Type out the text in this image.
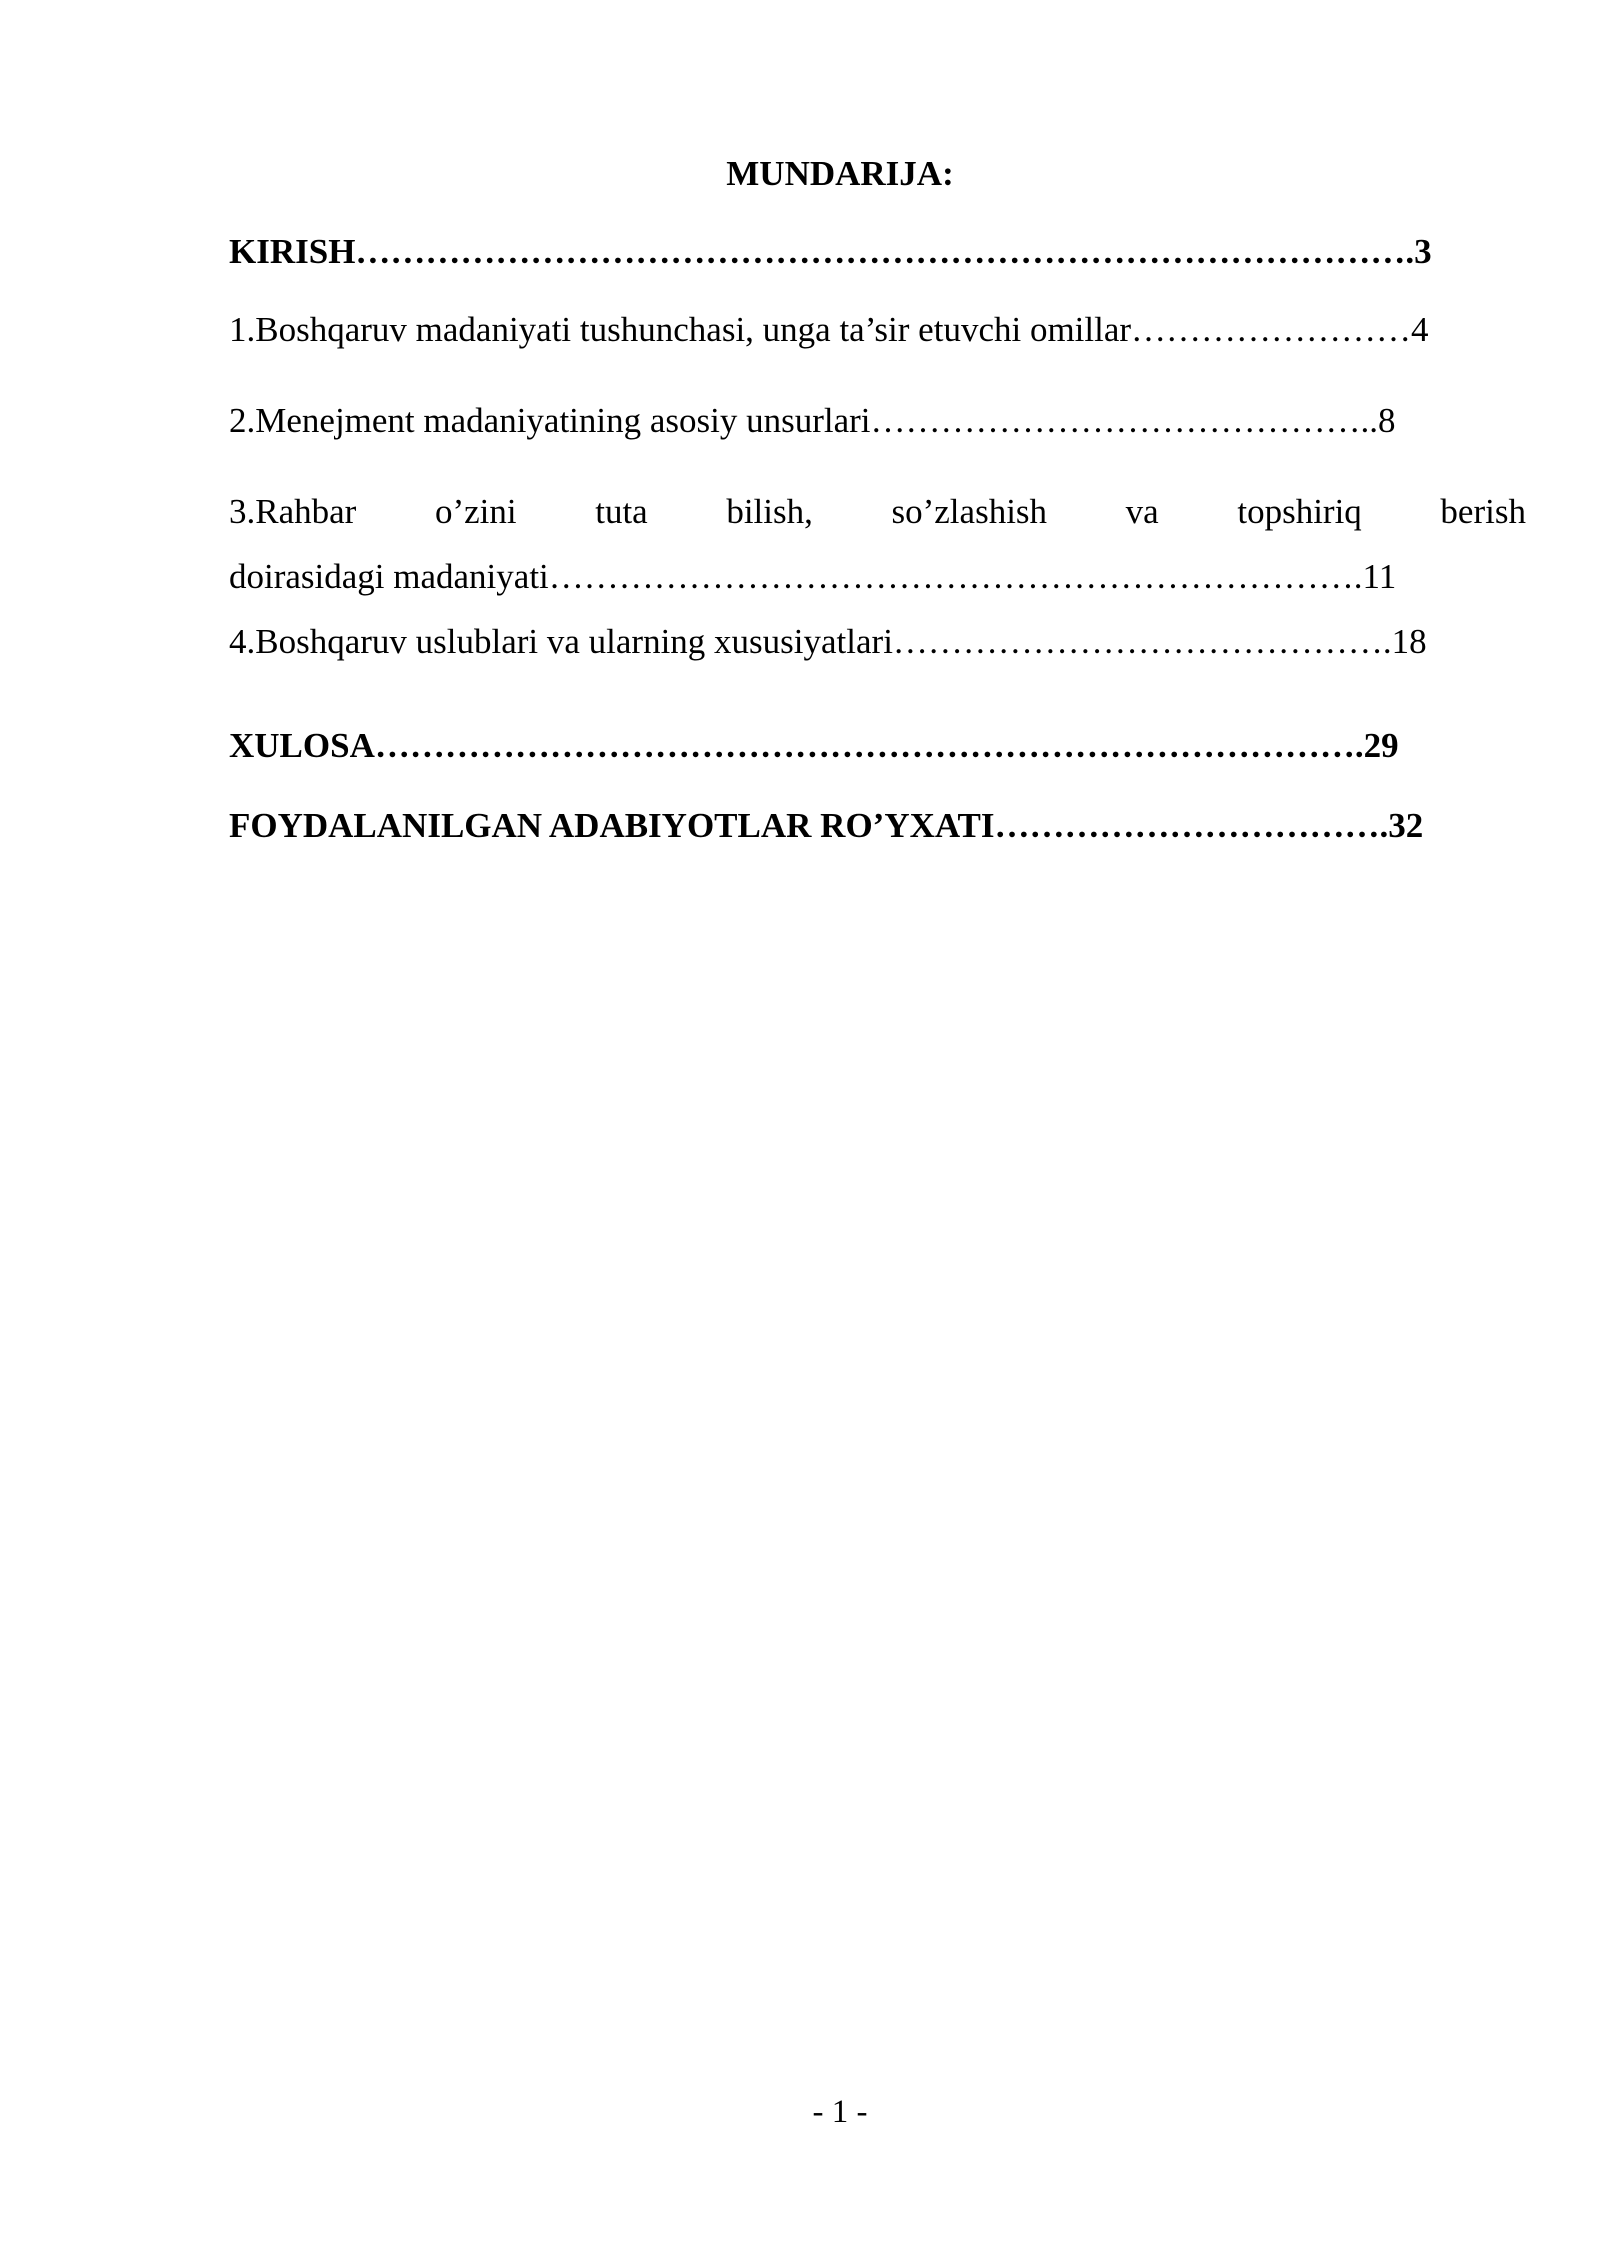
MUNDARIJA:
KIRISH……………………………………………………………………………….3
1.Boshqaruv madaniyati tushunchasi, unga ta’sir etuvchi omillar……………………4
2.Menejment madaniyatining asosiy unsurlari……………………………………..8
3.Rahbar o’zini tuta bilish, so’zlashish va topshiriq berish
doirasidagi madaniyati…………………………………………………………….11
4.Boshqaruv uslublari va ularning xususiyatlari…………………………………….18
XULOSA………………………………………………………………………….29
FOYDALANILGAN ADABIYOTLAR RO’YXATI…………………………….32
- 1 -
